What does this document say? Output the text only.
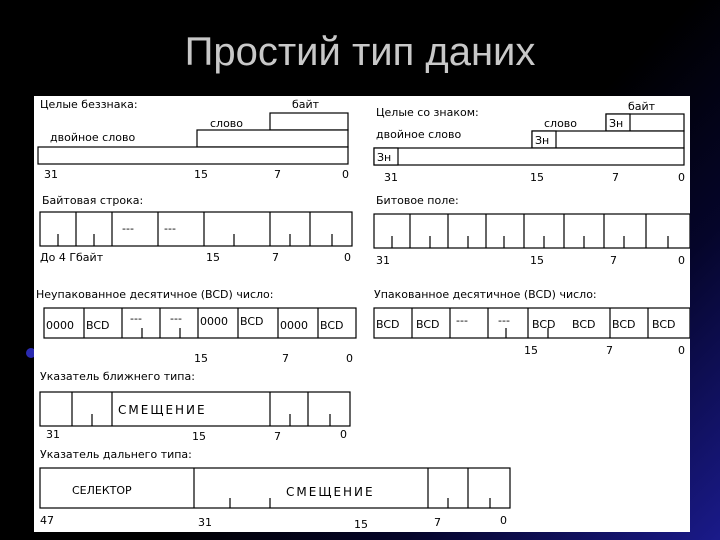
Простий тип даних
Целые беззнака:	байт
слово
двойное слово
31	15	7	0
Целые со знаком:	байт
Зн
слово
Зн
двойное слово
Зн
31	15	7	0
Байтовая строка:
---	---
До 4 Гбайт	15	7	0
Битовое поле:
31	15	7	0
Неупакованное десятичное (BCD) число:
0000 BCD
---	--- 0000 BCD 0000 BCD
15	7	0
Упакованное десятичное (BCD) число:
BCD BCD ---	--- BCD BCD BCD BCD
15	7	0
Указатель ближнего типа:
СМЕЩЕНИЕ
31	15	7	0
Указатель дальнего типа:
СЕЛЕКТОР	СМЕЩЕНИЕ
47	31	15	7	0
